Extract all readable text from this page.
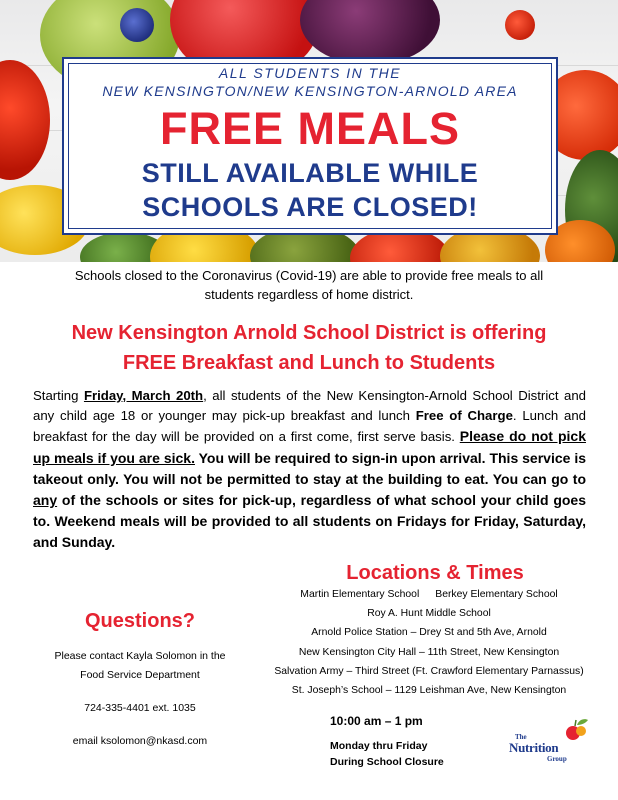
ALL STUDENTS IN THE
NEW KENSINGTON/NEW KENSINGTON-ARNOLD AREA
FREE MEALS
STILL AVAILABLE WHILE
SCHOOLS ARE CLOSED!
Schools closed to the Coronavirus (Covid-19) are able to provide free meals to all
students regardless of home district.
New Kensington Arnold School District is offering
FREE Breakfast and Lunch to Students
Starting Friday, March 20th, all students of the New Kensington-Arnold School District and any child age 18 or younger may pick-up breakfast and lunch Free of Charge. Lunch and breakfast for the day will be provided on a first come, first serve basis. Please do not pick up meals if you are sick. You will be required to sign-in upon arrival. This service is takeout only. You will not be permitted to stay at the building to eat. You can go to any of the schools or sites for pick-up, regardless of what school your child goes to. Weekend meals will be provided to all students on Fridays for Friday, Saturday, and Sunday.
Locations & Times
Martin Elementary School Berkey Elementary School
Roy A. Hunt Middle School
Arnold Police Station – Drey St and 5th Ave, Arnold
New Kensington City Hall – 11th Street, New Kensington
Salvation Army – Third Street (Ft. Crawford Elementary Parnassus)
St. Joseph’s School – 1129 Leishman Ave, New Kensington
10:00 am – 1 pm
Monday thru Friday
During School Closure
Questions?
Please contact Kayla Solomon in the
Food Service Department
724-335-4401 ext. 1035
email ksolomon@nkasd.com	The
Nutrition
Group
